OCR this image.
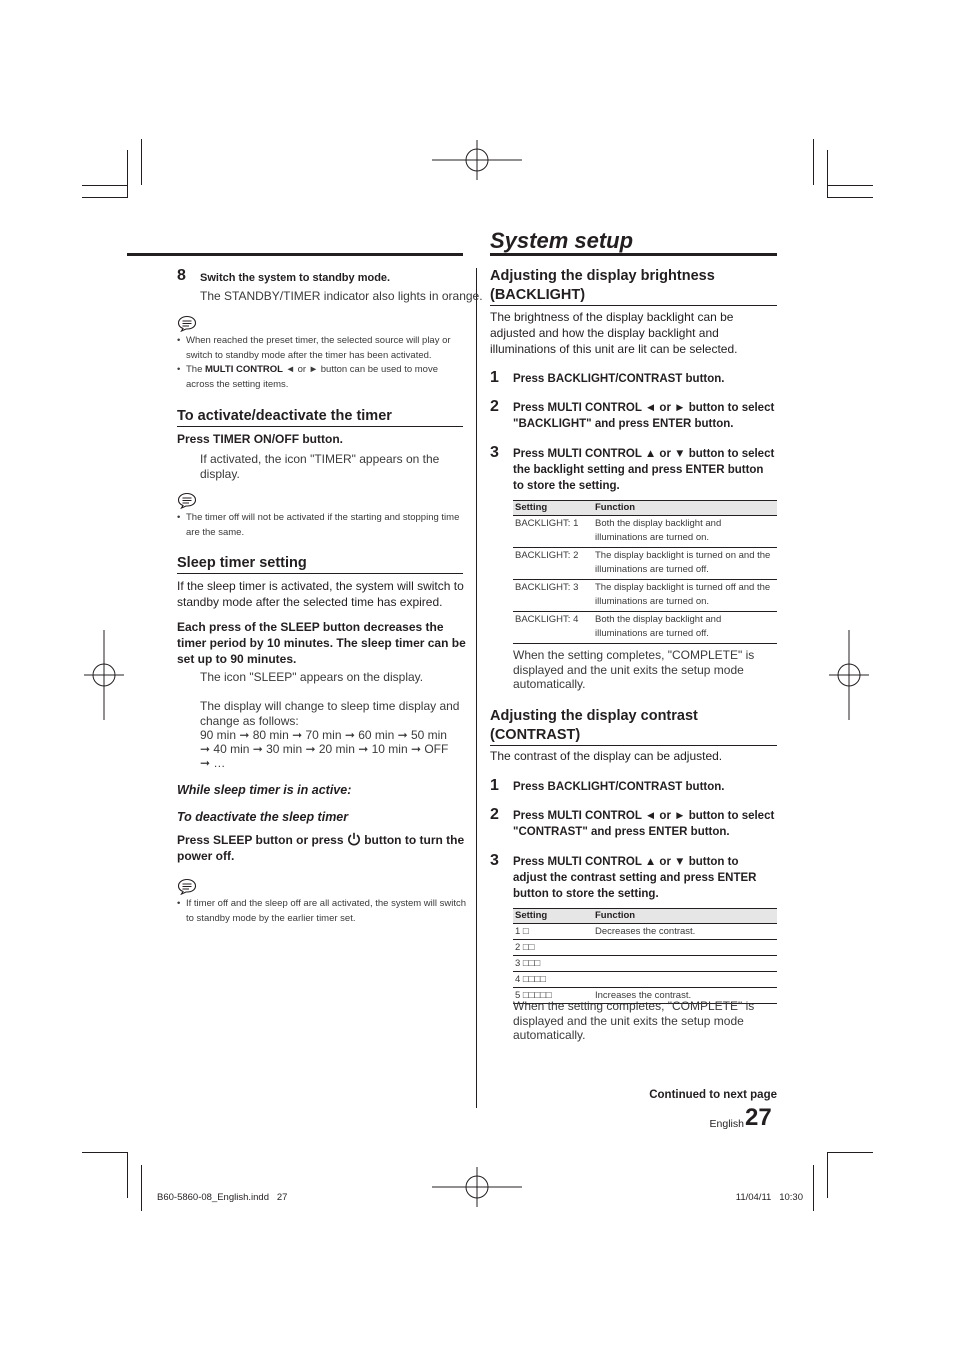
8 Switch the system to standby mode.
The STANDBY/TIMER indicator also lights in orange.
• When reached the preset timer, the selected source will play or switch to standby mode after the timer has been activated.
• The MULTI CONTROL ◄ or ► button can be used to move across the setting items.
To activate/deactivate the timer
Press TIMER ON/OFF button.
If activated, the icon "TIMER" appears on the display.
• The timer off will not be activated if the starting and stopping time are the same.
Sleep timer setting
If the sleep timer is activated, the system will switch to standby mode after the selected time has expired.
Each press of the SLEEP button decreases the timer period by 10 minutes. The sleep timer can be set up to 90 minutes.
The icon "SLEEP" appears on the display.
The display will change to sleep time display and change as follows:
90 min ➞ 80 min ➞ 70 min ➞ 60 min ➞ 50 min
➞ 40 min ➞ 30 min ➞ 20 min ➞ 10 min ➞ OFF
➞ …
While sleep timer is in active:
To deactivate the sleep timer
Press SLEEP button or press button to turn the
power off.
• If timer off and the sleep off are all activated, the system will switch to standby mode by the earlier timer set.
System setup
Adjusting the display brightness
(BACKLIGHT)
The brightness of the display backlight can be adjusted and how the display backlight and illuminations of this unit are lit can be selected.
1 Press BACKLIGHT/CONTRAST button.
2 Press MULTI CONTROL ◄ or ► button to select "BACKLIGHT" and press ENTER button.
3 Press MULTI CONTROL ▲ or ▼ button to select the backlight setting and press ENTER button to store the setting.
Setting	Function
BACKLIGHT: 1	Both the display backlight and illuminations are turned on.
BACKLIGHT: 2	The display backlight is turned on and the illuminations are turned off.
BACKLIGHT: 3	The display backlight is turned off and the illuminations are turned on.
BACKLIGHT: 4	Both the display backlight and illuminations are turned off.
When the setting completes, "COMPLETE" is displayed and the unit exits the setup mode automatically.
Adjusting the display contrast
(CONTRAST)
The contrast of the display can be adjusted.
1 Press BACKLIGHT/CONTRAST button.
2 Press MULTI CONTROL ◄ or ► button to select "CONTRAST" and press ENTER button.
3 Press MULTI CONTROL ▲ or ▼ button to adjust the contrast setting and press ENTER button to store the setting.
Setting	Function
1 □	Decreases the contrast.
2 □□	
3 □□□	
4 □□□□	
5 □□□□□	Increases the contrast.
When the setting completes, "COMPLETE" is displayed and the unit exits the setup mode automatically.
Continued to next page
English 27
B60-5860-08_English.indd   27	11/04/11   10:30
